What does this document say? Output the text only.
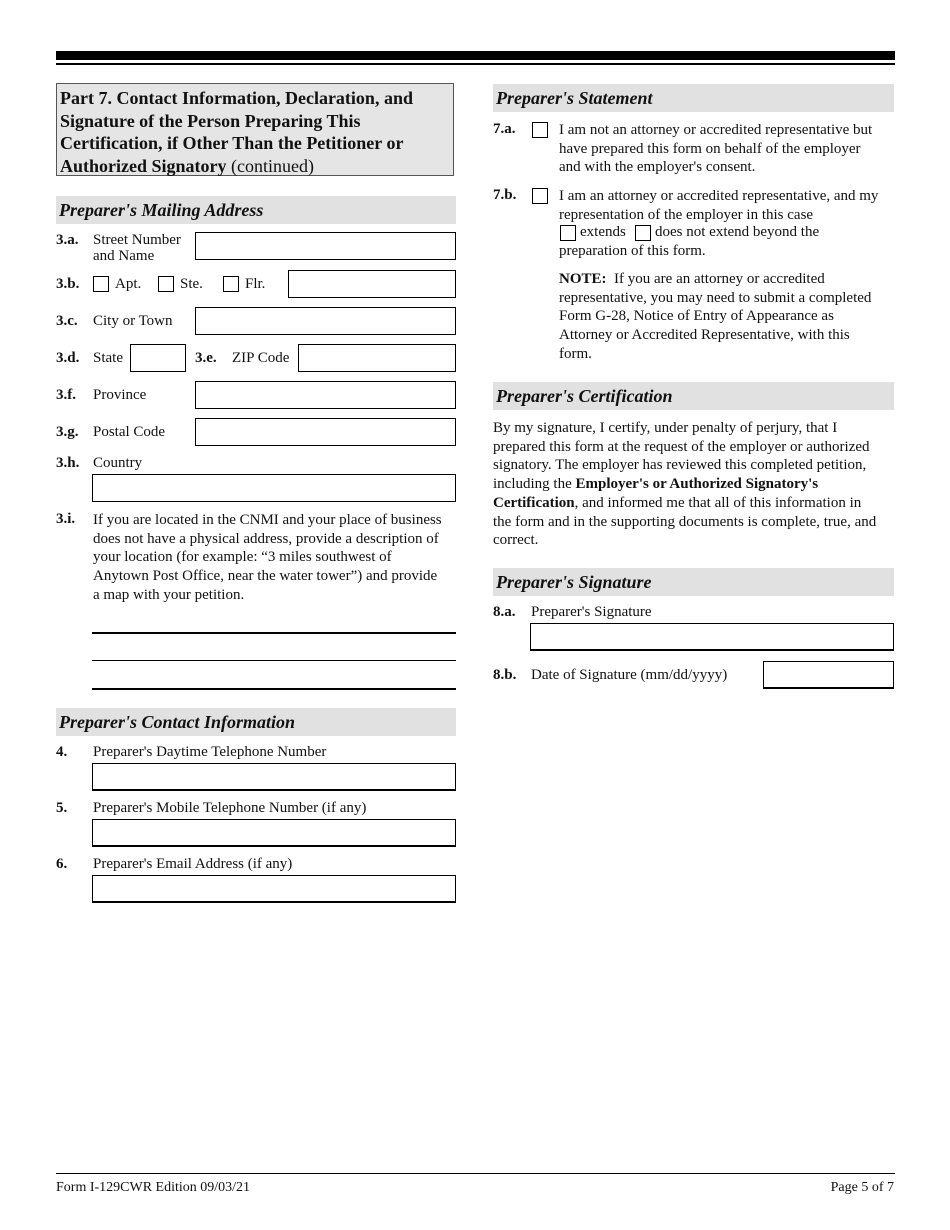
Part 7. Contact Information, Declaration, and Signature of the Person Preparing This Certification, if Other Than the Petitioner or Authorized Signatory (continued)
Preparer's Mailing Address
3.a. Street Number
and Name
3.b. Apt.	Ste.	Flr.
3.c. City or Town
3.d. State	3.e. ZIP Code
3.f. Province
3.g. Postal Code
3.h. Country
3.i. If you are located in the CNMI and your place of business
does not have a physical address, provide a description of
your location (for example: “3 miles southwest of
Anytown Post Office, near the water tower”) and provide
a map with your petition.
Preparer's Contact Information
4. Preparer's Daytime Telephone Number
5. Preparer's Mobile Telephone Number (if any)
6. Preparer's Email Address (if any)
Preparer's Statement
7.a.	I am not an attorney or accredited representative but
have prepared this form on behalf of the employer
and with the employer's consent.
7.b.	I am an attorney or accredited representative, and my
representation of the employer in this case
extends does not extend beyond the
preparation of this form.
NOTE: If you are an attorney or accredited
representative, you may need to submit a completed
Form G-28, Notice of Entry of Appearance as
Attorney or Accredited Representative, with this
form.
Preparer's Certification
By my signature, I certify, under penalty of perjury, that I
prepared this form at the request of the employer or authorized
signatory. The employer has reviewed this completed petition,
including the Employer's or Authorized Signatory's
Certification, and informed me that all of this information in
the form and in the supporting documents is complete, true, and
correct.
Preparer's Signature
8.a. Preparer's Signature
8.b. Date of Signature (mm/dd/yyyy)
Form I-129CWR Edition 09/03/21	Page 5 of 7
